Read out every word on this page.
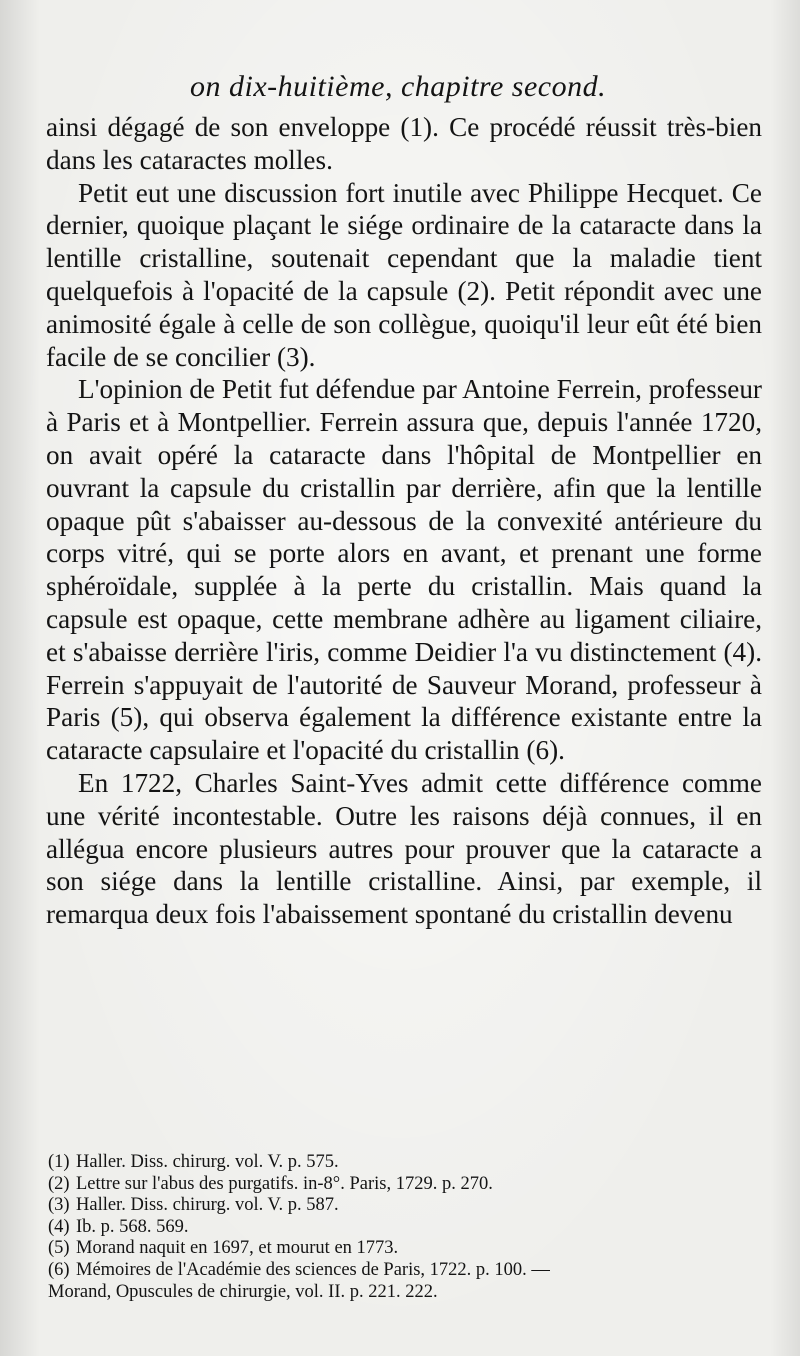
on dix-huitième, chapitre second.

ainsi dégagé de son enveloppe (1). Ce procédé réussit très-bien dans les cataractes molles.

Petit eut une discussion fort inutile avec Philippe Hecquet. Ce dernier, quoique plaçant le siége ordinaire de la cataracte dans la lentille cristalline, soutenait cependant que la maladie tient quelquefois à l'opacité de la capsule (2). Petit répondit avec une animosité égale à celle de son collègue, quoiqu'il leur eût été bien facile de se concilier (3).

L'opinion de Petit fut défendue par Antoine Ferrein, professeur à Paris et à Montpellier. Ferrein assura que, depuis l'année 1720, on avait opéré la cataracte dans l'hôpital de Montpellier en ouvrant la capsule du cristallin par derrière, afin que la lentille opaque pût s'abaisser au-dessous de la convexité antérieure du corps vitré, qui se porte alors en avant, et prenant une forme sphéroïdale, supplée à la perte du cristallin. Mais quand la capsule est opaque, cette membrane adhère au ligament ciliaire, et s'abaisse derrière l'iris, comme Deidier l'a vu distinctement (4). Ferrein s'appuyait de l'autorité de Sauveur Morand, professeur à Paris (5), qui observa également la différence existante entre la cataracte capsulaire et l'opacité du cristallin (6).

En 1722, Charles Saint-Yves admit cette différence comme une vérité incontestable. Outre les raisons déjà connues, il en allégua encore plusieurs autres pour prouver que la cataracte a son siége dans la lentille cristalline. Ainsi, par exemple, il remarqua deux fois l'abaissement spontané du cristallin devenu

(1) Haller. Diss. chirurg. vol. V. p. 575.
(2) Lettre sur l'abus des purgatifs. in-8°. Paris, 1729. p. 270.
(3) Haller. Diss. chirurg. vol. V. p. 587.
(4) Ib. p. 568. 569.
(5) Morand naquit en 1697, et mourut en 1773.
(6) Mémoires de l'Académie des sciences de Paris, 1722. p. 100. —
Morand, Opuscules de chirurgie, vol. II. p. 221. 222.
